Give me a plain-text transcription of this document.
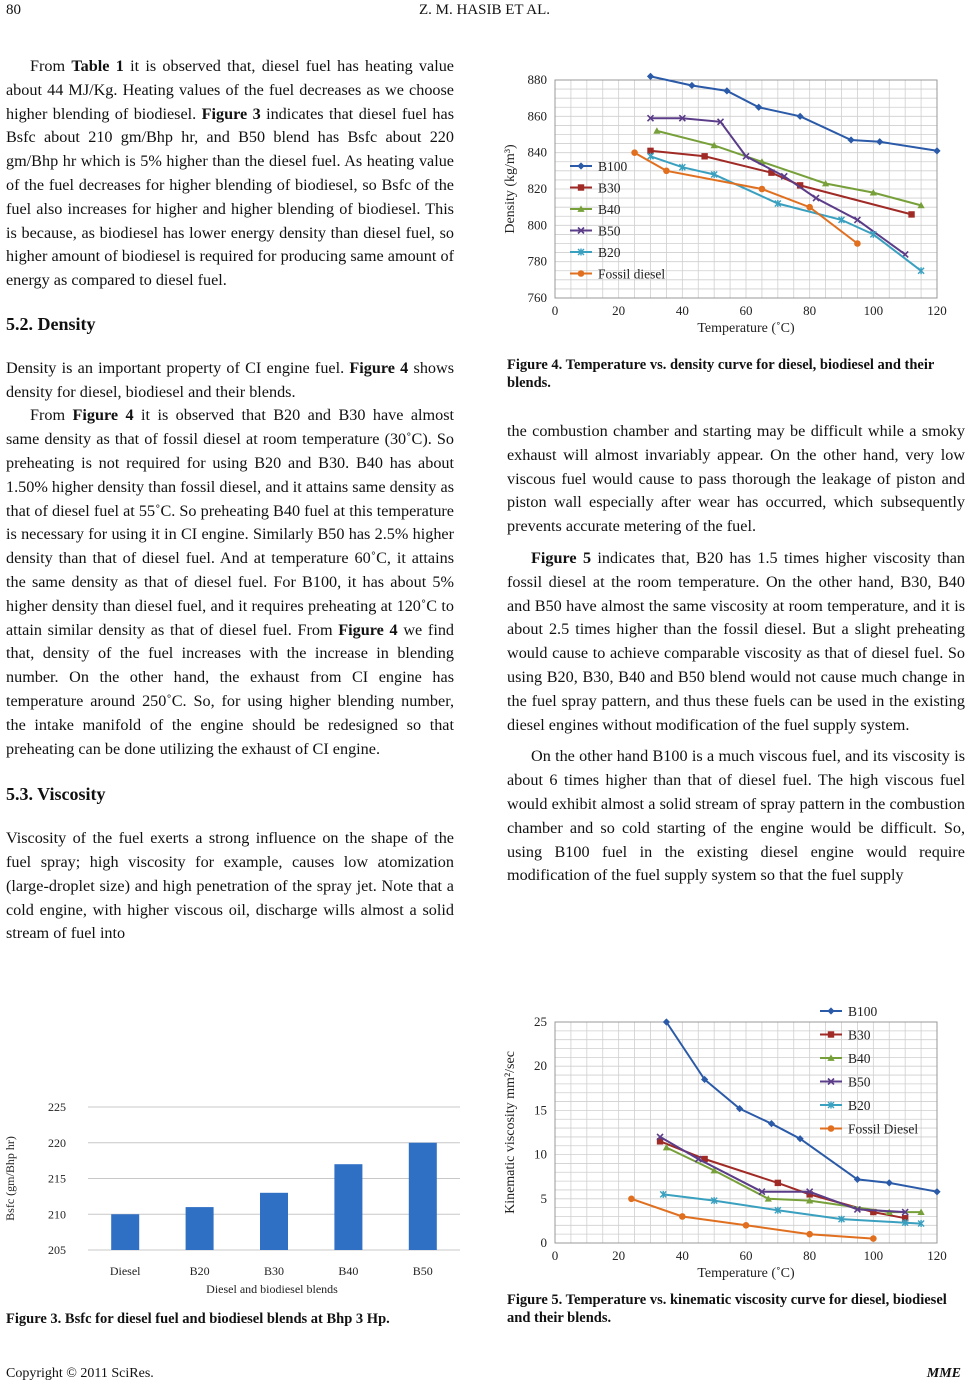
80	Z. M. HASIB ET AL.

From Table 1 it is observed that, diesel fuel has heating value about 44 MJ/Kg. Heating values of the fuel decreases as we choose higher blending of biodiesel. Figure 3 indicates that diesel fuel has Bsfc about 210 gm/Bhp hr, and B50 blend has Bsfc about 220 gm/Bhp hr which is 5% higher than the diesel fuel. As heating value of the fuel decreases for higher blending of biodiesel, so Bsfc of the fuel also increases for higher and higher blending of biodiesel. This is because, as biodiesel has lower energy density than diesel fuel, so higher amount of biodiesel is required for producing same amount of energy as compared to diesel fuel.

5.2. Density

Density is an important property of CI engine fuel. Figure 4 shows density for diesel, biodiesel and their blends.

From Figure 4 it is observed that B20 and B30 have almost same density as that of fossil diesel at room temperature (30˚C). So preheating is not required for using B20 and B30. B40 has about 1.50% higher density than fossil diesel, and it attains same density as that of diesel fuel at 55˚C. So preheating B40 fuel at this temperature is necessary for using it in CI engine. Similarly B50 has 2.5% higher density than that of diesel fuel. And at temperature 60˚C, it attains the same density as that of diesel fuel. For B100, it has about 5% higher density than diesel fuel, and it requires preheating at 120˚C to attain similar density as that of diesel fuel. From Figure 4 we find that, density of the fuel increases with the increase in blending number. On the other hand, the exhaust from CI engine has temperature around 250˚C. So, for using higher blending number, the intake manifold of the engine should be redesigned so that preheating can be done utilizing the exhaust of CI engine.

5.3. Viscosity

Viscosity of the fuel exerts a strong influence on the shape of the fuel spray; high viscosity for example, causes low atomization (large-droplet size) and high penetration of the spray jet. Note that a cold engine, with higher viscous oil, discharge wills almost a solid stream of fuel into

205
210
215
220
225
Diesel	B20	B30	B40	B50
Bsfc (gm/Bhp hr)
Diesel and biodiesel blends
Figure 3. Bsfc for diesel fuel and biodiesel blends at Bhp 3 Hp.
0	20	40	60	80	100	120
760
780
800
820
840
860
880
B100
B30
B40
B50
B20
Fossil diesel
Temperature (˚C)
Density (kg/m³)
Figure 4. Temperature vs. density curve for diesel, biodiesel and their blends.

the combustion chamber and starting may be difficult while a smoky exhaust will almost invariably appear. On the other hand, very low viscous fuel would cause to pass thorough the leakage of piston and piston wall especially after wear has occurred, which subsequently prevents accurate metering of the fuel.

Figure 5 indicates that, B20 has 1.5 times higher viscosity than fossil diesel at the room temperature. On the other hand, B30, B40 and B50 have almost the same viscosity at room temperature, and it is about 2.5 times higher than the fossil diesel. But a slight preheating would cause to achieve comparable viscosity as that of diesel fuel. So using B20, B30, B40 and B50 blend would not cause much change in the fuel spray pattern, and thus these fuels can be used in the existing diesel engines without modification of the fuel supply system.

On the other hand B100 is a much viscous fuel, and its viscosity is about 6 times higher than that of diesel fuel. The high viscous fuel would exhibit almost a solid stream of spray pattern in the combustion chamber and so cold starting of the engine would be difficult. So, using B100 fuel in the existing diesel engine would require modification of the fuel supply system so that the fuel supply

0	20	40	60	80	100	120
0
5
10
15
20
25
B100
B30
B40
B50
B20
Fossil Diesel
Temperature (˚C)
Kinematic viscosity mm²/sec
Figure 5. Temperature vs. kinematic viscosity curve for diesel, biodiesel and their blends.
Copyright © 2011 SciRes.	MME
